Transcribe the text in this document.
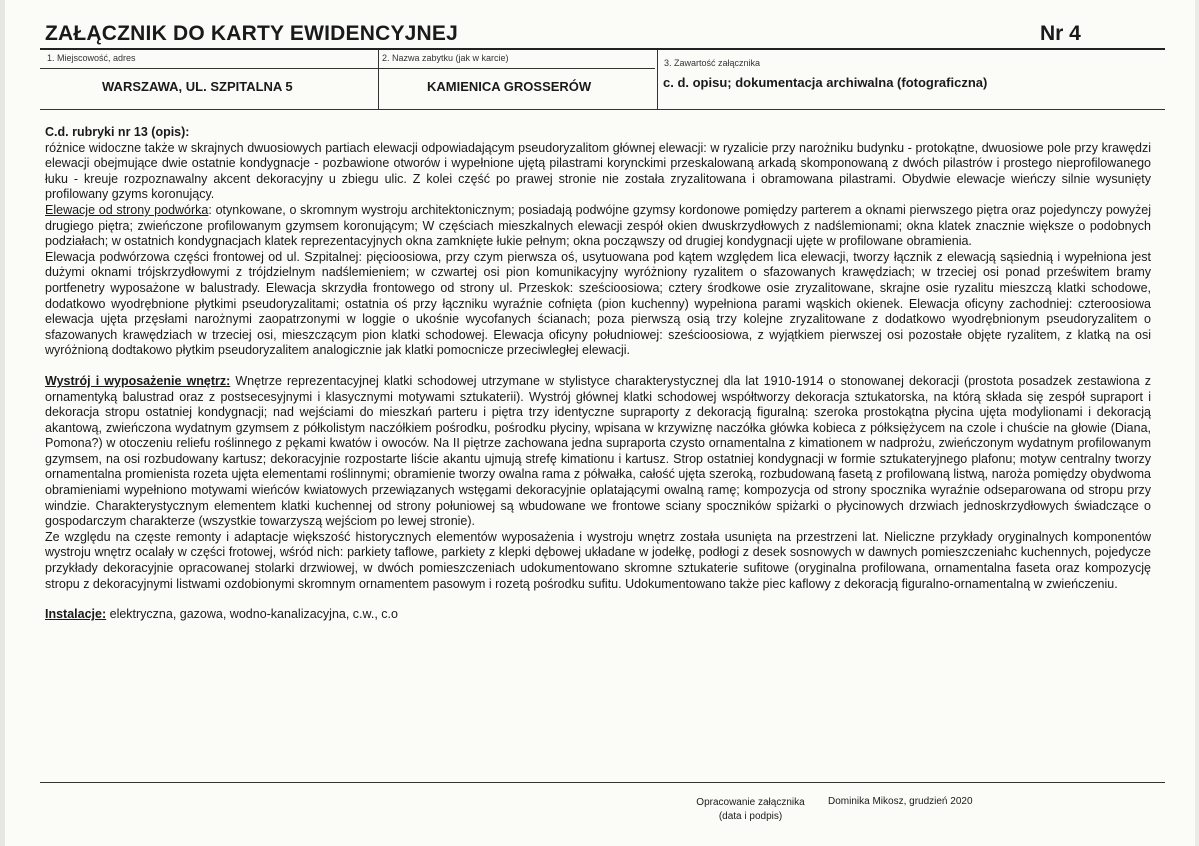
ZAŁĄCZNIK DO KARTY EWIDENCYJNEJ	Nr 4
1. Miejscowość, adres
WARSZAWA, UL. SZPITALNA 5
2. Nazwa zabytku (jak w karcie)
KAMIENICA GROSSERÓW
3. Zawartość załącznika
c. d. opisu; dokumentacja archiwalna (fotograficzna)

C.d. rubryki nr 13 (opis):

różnice widoczne także w skrajnych dwuosiowych partiach elewacji odpowiadającym pseudoryzalitom głównej elewacji: w ryzalicie przy narożniku budynku - protokątne, dwuosiowe pole przy krawędzi elewacji obejmujące dwie ostatnie kondygnacje - pozbawione otworów i wypełnione ujętą pilastrami korynckimi przeskalowaną arkadą skomponowaną z dwóch pilastrów i prostego nieprofilowanego łuku - kreuje rozpoznawalny akcent dekoracyjny u zbiegu ulic. Z kolei część po prawej stronie nie została zryzalitowana i obramowana pilastrami. Obydwie elewacje wieńczy silnie wysunięty profilowany gzyms koronujący.

Elewacje od strony podwórka: otynkowane, o skromnym wystroju architektonicznym; posiadają podwójne gzymsy kordonowe pomiędzy parterem a oknami pierwszego piętra oraz pojedynczy powyżej drugiego piętra; zwieńczone profilowanym gzymsem koronującym; W częściach mieszkalnych elewacji zespół okien dwuskrzydłowych z nadślemionami; okna klatek znacznie większe o podobnych podziałach; w ostatnich kondygnacjach klatek reprezentacyjnych okna zamknięte łukie pełnym; okna począwszy od drugiej kondygnacji ujęte w profilowane obramienia.

Elewacja podwórzowa części frontowej od ul. Szpitalnej: pięcioosiowa, przy czym pierwsza oś, usytuowana pod kątem względem lica elewacji, tworzy łącznik z elewacją sąsiednią i wypełniona jest dużymi oknami trójskrzydłowymi z trójdzielnym nadślemieniem; w czwartej osi pion komunikacyjny wyróżniony ryzalitem o sfazowanych krawędziach; w trzeciej osi ponad prześwitem bramy portfenetry wyposażone w balustrady. Elewacja skrzydła frontowego od strony ul. Przeskok: sześcioosiowa; cztery środkowe osie zryzalitowane, skrajne osie ryzalitu mieszczą klatki schodowe, dodatkowo wyodrębnione płytkimi pseudoryzalitami; ostatnia oś przy łączniku wyraźnie cofnięta (pion kuchenny) wypełniona parami wąskich okienek. Elewacja oficyny zachodniej: czteroosiowa elewacja ujęta przęsłami narożnymi zaopatrzonymi w loggie o ukośnie wycofanych ścianach; poza pierwszą osią trzy kolejne zryzalitowane z dodatkowo wyodrębnionym pseudoryzalitem o sfazowanych krawędziach w trzeciej osi, mieszczącym pion klatki schodowej. Elewacja oficyny południowej: sześcioosiowa, z wyjątkiem pierwszej osi pozostałe objęte ryzalitem, z klatką na osi wyróżnioną dodtakowo płytkim pseudoryzalitem analogicznie jak klatki pomocnicze przeciwległej elewacji.

Wystrój i wyposażenie wnętrz: Wnętrze reprezentacyjnej klatki schodowej utrzymane w stylistyce charakterystycznej dla lat 1910-1914 o stonowanej dekoracji (prostota posadzek zestawiona z ornamentyką balustrad oraz z postsecesyjnymi i klasycznymi motywami sztukaterii). Wystrój głównej klatki schodowej współtworzy dekoracja sztukatorska, na którą składa się zespół supraport i dekoracja stropu ostatniej kondygnacji; nad wejściami do mieszkań parteru i piętra trzy identyczne supraporty z dekoracją figuralną: szeroka prostokątna płycina ujęta modylionami i dekoracją akantową, zwieńczona wydatnym gzymsem z półkolistym naczółkiem pośrodku, pośrodku płyciny, wpisana w krzywiznę naczółka główka kobieca z półksiężycem na czole i chuście na głowie (Diana, Pomona?) w otoczeniu reliefu roślinnego z pękami kwatów i owoców. Na II piętrze zachowana jedna supraporta czysto ornamentalna z kimationem w nadprożu, zwieńczonym wydatnym profilowanym gzymsem, na osi rozbudowany kartusz; dekoracyjnie rozpostarte liście akantu ujmują strefę kimationu i kartusz. Strop ostatniej kondygnacji w formie sztukateryjnego plafonu; motyw centralny tworzy ornamentalna promienista rozeta ujęta elementami roślinnymi; obramienie tworzy owalna rama z półwałka, całość ujęta szeroką, rozbudowaną fasetą z profilowaną listwą, naroża pomiędzy obydwoma obramieniami wypełniono motywami wieńców kwiatowych przewiązanych wstęgami dekoracyjnie oplatającymi owalną ramę; kompozycja od strony spocznika wyraźnie odseparowana od stropu przy windzie. Charakterystycznym elementem klatki kuchennej od strony połuniowej są wbudowane we frontowe sciany spoczników spiżarki o płycinowych drzwiach jednoskrzydłowych świadczące o gospodarczym charakterze (wszystkie towarzyszą wejściom po lewej stronie).

Ze względu na częste remonty i adaptacje większość historycznych elementów wyposażenia i wystroju wnętrz została usunięta na przestrzeni lat. Nieliczne przykłady oryginalnych komponentów wystroju wnętrz ocalały w części frotowej, wśród nich: parkiety taflowe, parkiety z klepki dębowej układane w jodełkę, podłogi z desek sosnowych w dawnych pomieszczeniahc kuchennych, pojedycze przykłady dekoracyjnie opracowanej stolarki drzwiowej, w dwóch pomieszczeniach udokumentowano skromne sztukaterie sufitowe (oryginalna profilowana, ornamentalna faseta oraz kompozycję stropu z dekoracyjnymi listwami ozdobionymi skromnym ornamentem pasowym i rozetą pośrodku sufitu. Udokumentowano także piec kaflowy z dekoracją figuralno-ornamentalną w zwieńczeniu.

Instalacje: elektryczna, gazowa, wodno-kanalizacyjna, c.w., c.o

Opracowanie załącznika
(data i podpis)
Dominika Mikosz, grudzień 2020
